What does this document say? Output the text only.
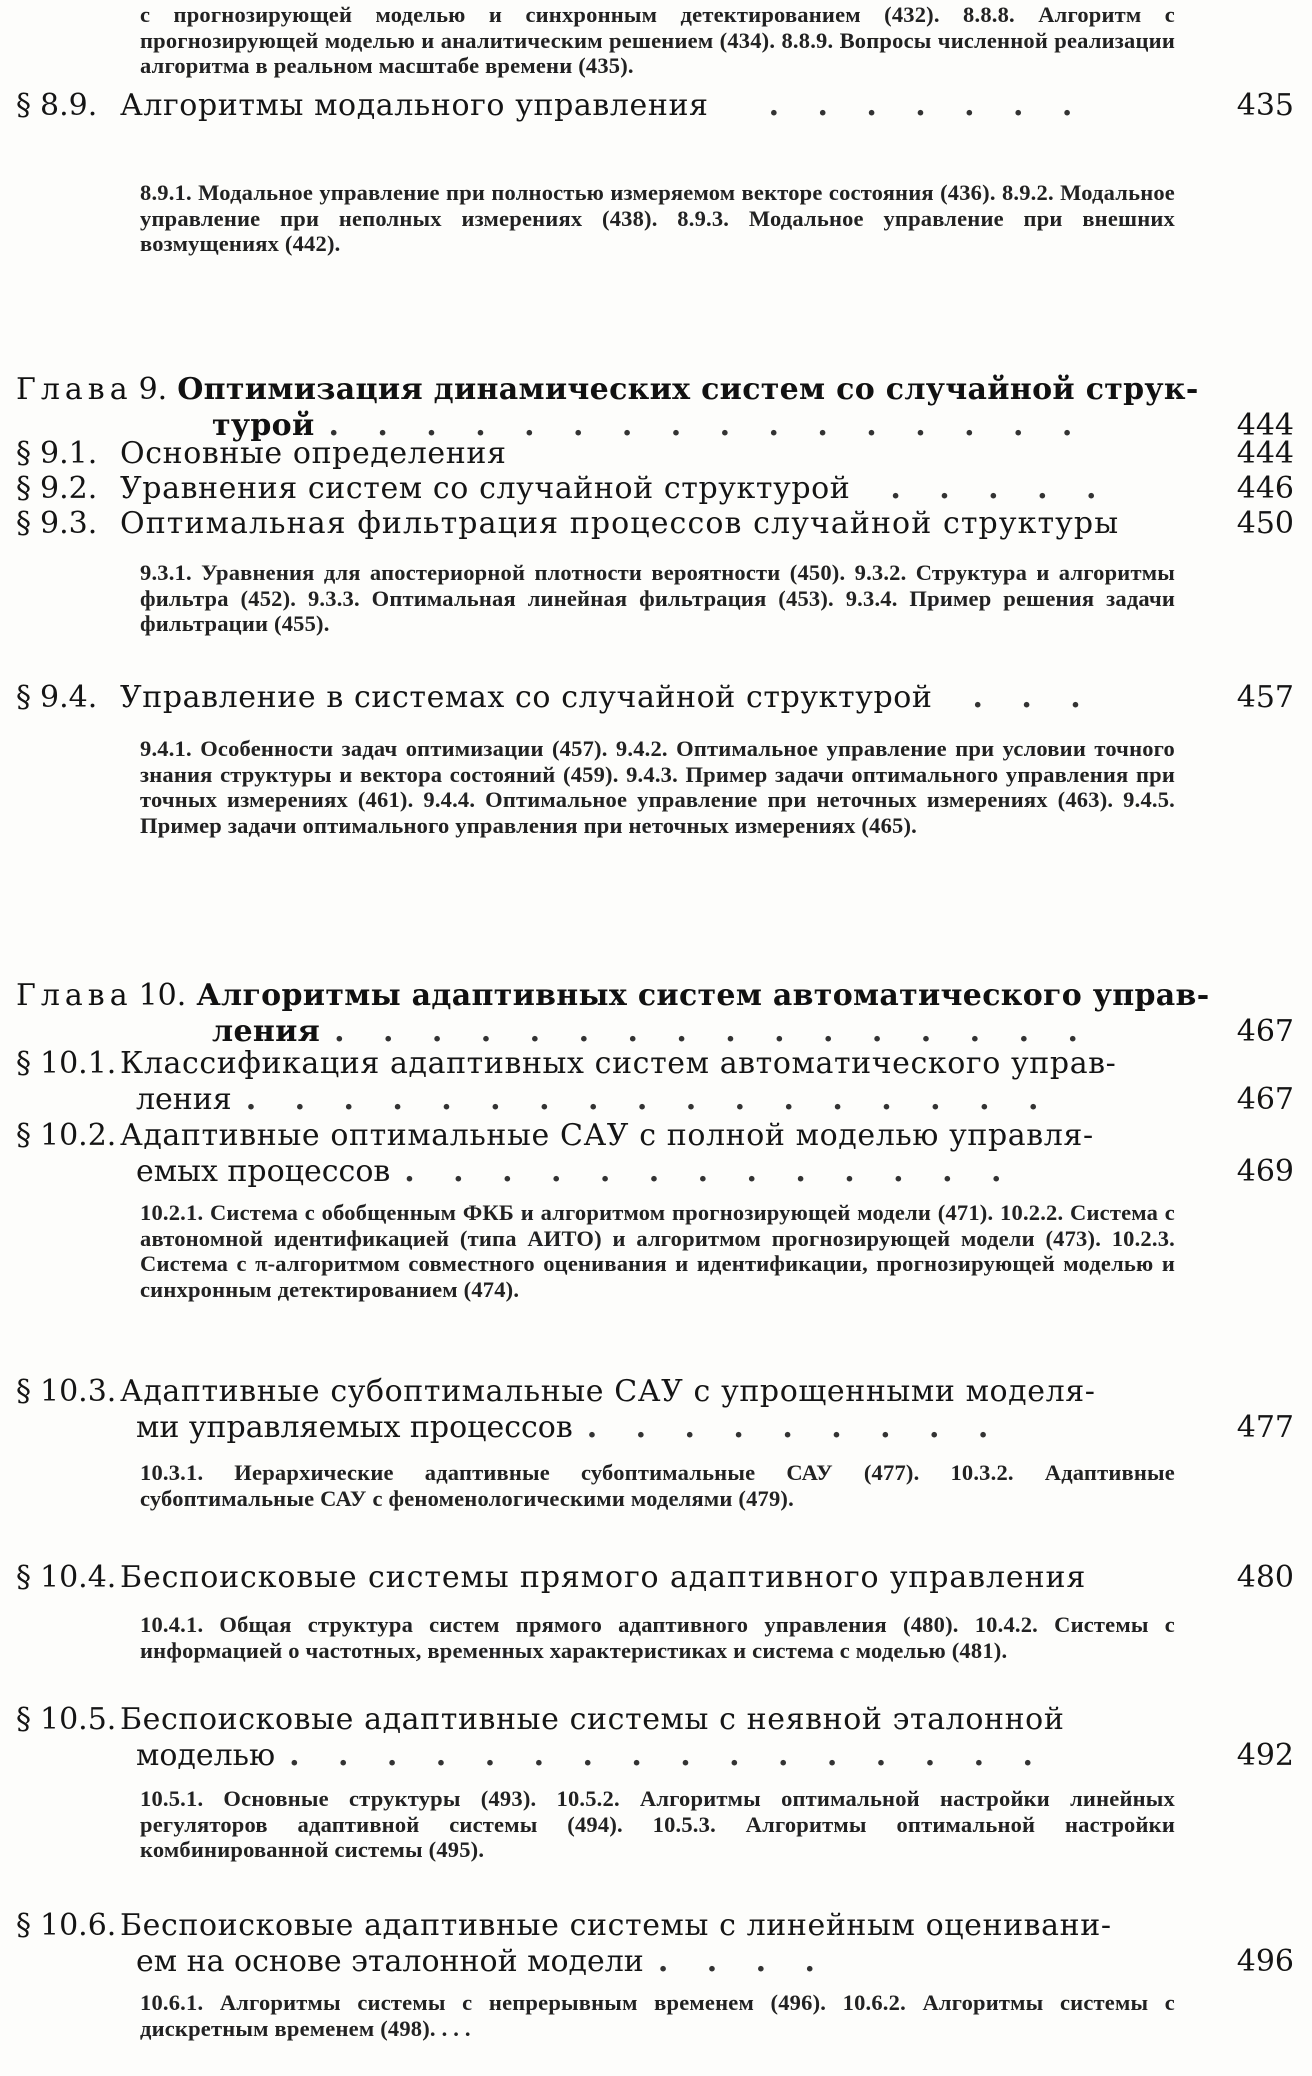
с прогнозирующей моделью и синхронным детектированием (432). 8.8.8. Алгоритм с прогнозирующей моделью и аналитическим решением (434). 8.8.9. Вопросы численной реализации алгоритма в реальном масштабе времени (435).
§ 8.9. Алгоритмы модального управления . . . . . . .	435
8.9.1. Модальное управление при полностью измеряемом векторе состояния (436). 8.9.2. Модальное управление при неполных измерениях (438). 8.9.3. Модальное управление при внешних возмущениях (442).
Глава 9. Оптимизация динамических систем со случайной струк-
турой . . . . . . . . . . . . . . . .	444
§ 9.1. Основные определения	444
§ 9.2. Уравнения систем со случайной структурой . . . . .	446
§ 9.3. Оптимальная фильтрация процессов случайной структуры	450
9.3.1. Уравнения для апостериорной плотности вероятности (450). 9.3.2. Структура и алгоритмы фильтра (452). 9.3.3. Оптимальная линейная фильтрация (453). 9.3.4. Пример решения задачи фильтрации (455).
§ 9.4. Управление в системах со случайной структурой . . .	457
9.4.1. Особенности задач оптимизации (457). 9.4.2. Оптимальное управление при условии точного знания структуры и вектора состояний (459). 9.4.3. Пример задачи оптимального управления при точных измерениях (461). 9.4.4. Оптимальное управление при неточных измерениях (463). 9.4.5. Пример задачи оптимального управления при неточных измерениях (465).
Глава 10. Алгоритмы адаптивных систем автоматического управ-
ления . . . . . . . . . . . . . . . .	467
§ 10.1. Классификация адаптивных систем автоматического управ-
ления . . . . . . . . . . . . . . . . .	467
§ 10.2. Адаптивные оптимальные САУ с полной моделью управля-
емых процессов . . . . . . . . . . . . .	469
10.2.1. Система с обобщенным ФКБ и алгоритмом прогнозирующей модели (471). 10.2.2. Система с автономной идентификацией (типа АИТО) и алгоритмом прогнозирующей модели (473). 10.2.3. Система с π-алгоритмом совместного оценивания и идентификации, прогнозирующей моделью и синхронным детектированием (474).
§ 10.3. Адаптивные субоптимальные САУ с упрощенными моделя-
ми управляемых процессов . . . . . . . . .	477
10.3.1. Иерархические адаптивные субоптимальные САУ (477). 10.3.2. Адаптивные субоптимальные САУ с феноменологическими моделями (479).
§ 10.4. Беспоисковые системы прямого адаптивного управления	480
10.4.1. Общая структура систем прямого адаптивного управления (480). 10.4.2. Системы с информацией о частотных, временных характеристиках и система с моделью (481).
§ 10.5. Беспоисковые адаптивные системы с неявной эталонной
моделью . . . . . . . . . . . . . . . .	492
10.5.1. Основные структуры (493). 10.5.2. Алгоритмы оптимальной настройки линейных регуляторов адаптивной системы (494). 10.5.3. Алгоритмы оптимальной настройки комбинированной системы (495).
§ 10.6. Беспоисковые адаптивные системы с линейным оценивани-
ем на основе эталонной модели . . . .	496
10.6.1. Алгоритмы системы с непрерывным временем (496). 10.6.2. Алгоритмы системы с дискретным временем (498). . . .
